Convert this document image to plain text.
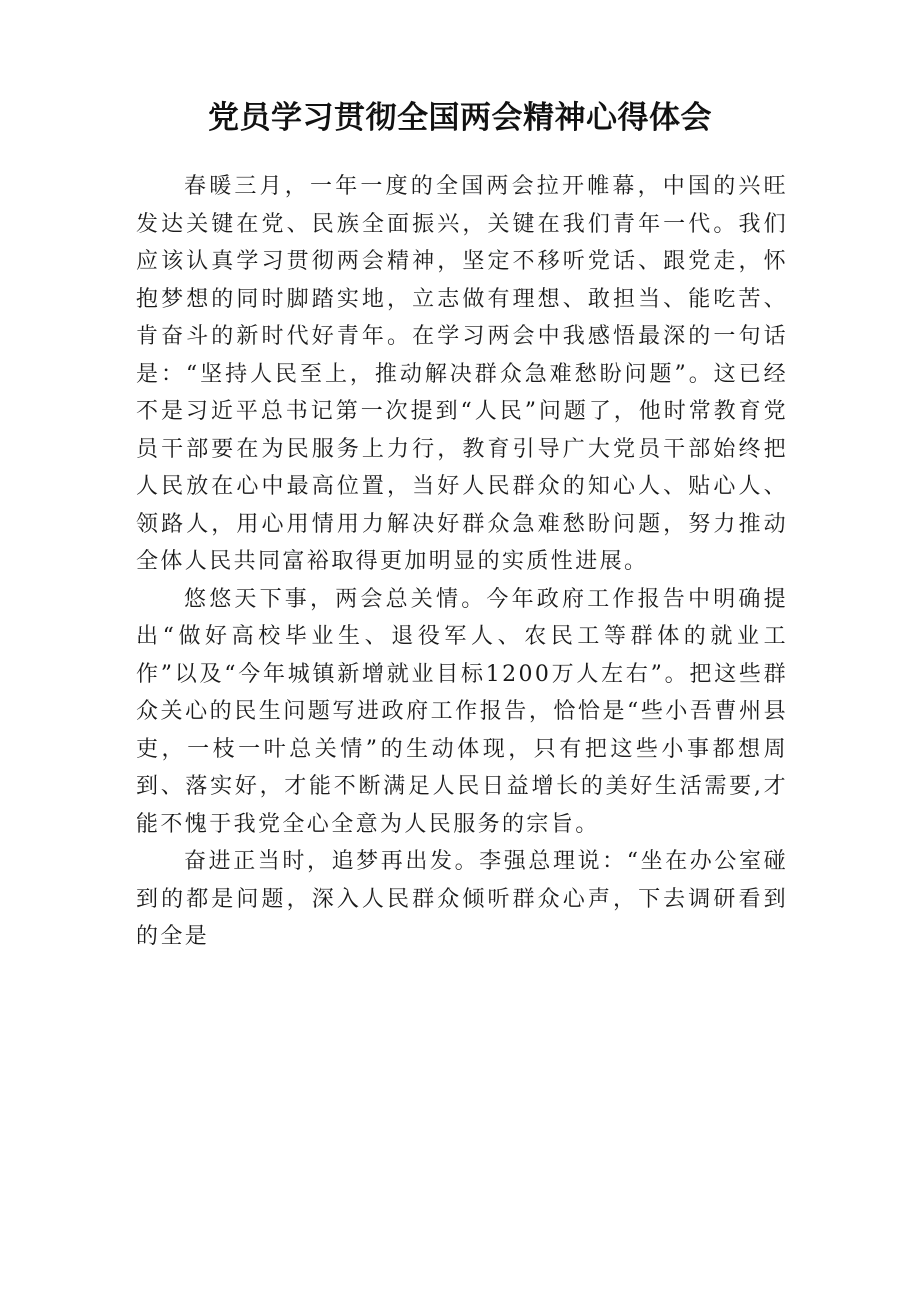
党员学习贯彻全国两会精神心得体会

春暖三月，一年一度的全国两会拉开帷幕，中国的兴旺发达关键在党、民族全面振兴，关键在我们青年一代。我们应该认真学习贯彻两会精神，坚定不移听党话、跟党走，怀抱梦想的同时脚踏实地，立志做有理想、敢担当、能吃苦、肯奋斗的新时代好青年。在学习两会中我感悟最深的一句话是：“坚持人民至上，推动解决群众急难愁盼问题”。这已经不是习近平总书记第一次提到“人民”问题了，他时常教育党员干部要在为民服务上力行，教育引导广大党员干部始终把人民放在心中最高位置，当好人民群众的知心人、贴心人、领路人，用心用情用力解决好群众急难愁盼问题，努力推动全体人民共同富裕取得更加明显的实质性进展。

悠悠天下事，两会总关情。今年政府工作报告中明确提出“做好高校毕业生、退役军人、农民工等群体的就业工作”以及“今年城镇新增就业目标1200万人左右”。把这些群众关心的民生问题写进政府工作报告，恰恰是“些小吾曹州县吏，一枝一叶总关情”的生动体现，只有把这些小事都想周到、落实好，才能不断满足人民日益增长的美好生活需要,才能不愧于我党全心全意为人民服务的宗旨。

奋进正当时，追梦再出发。李强总理说：“坐在办公室碰到的都是问题，深入人民群众倾听群众心声，下去调研看到的全是
